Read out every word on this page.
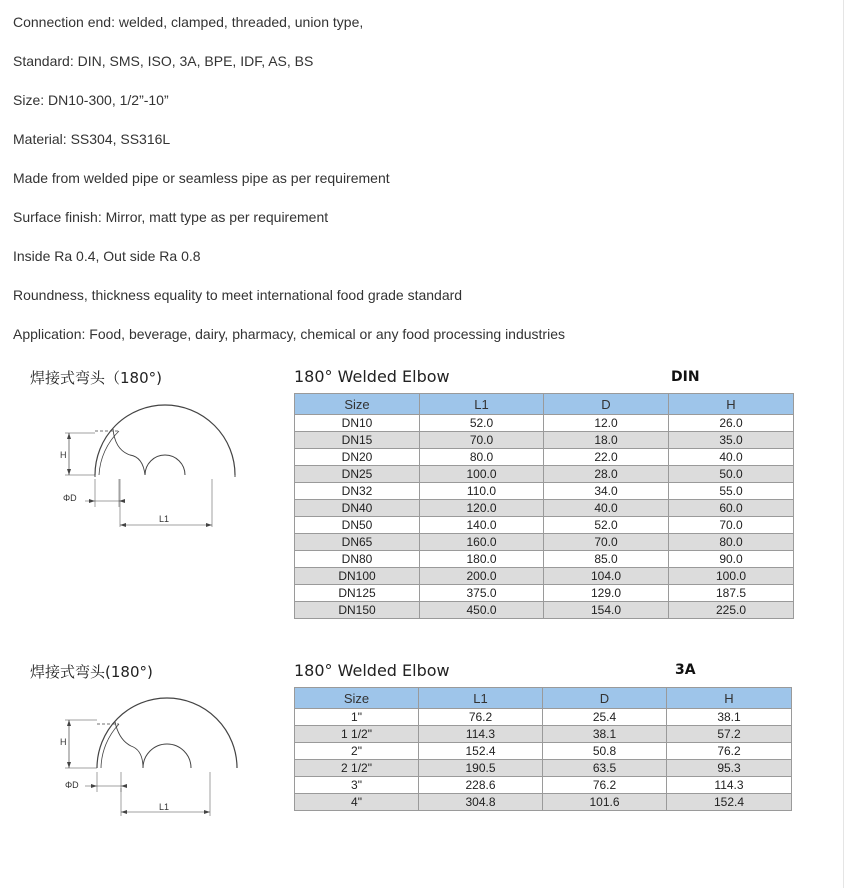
Connection end: welded, clamped, threaded, union type,
Standard: DIN, SMS, ISO, 3A, BPE, IDF, AS, BS
Size: DN10-300, 1/2”-10”
Material: SS304, SS316L
Made from welded pipe or seamless pipe as per requirement
Surface finish: Mirror, matt type as per requirement
Inside Ra 0.4, Out side Ra 0.8
Roundness, thickness equality to meet international food grade standard
Application: Food, beverage, dairy, pharmacy, chemical or any food processing industries
焊接式弯头（180°)
H
ΦD
L1
180° Welded Elbow	DIN
Size	L1	D	H
DN10	52.0	12.0	26.0
DN15	70.0	18.0	35.0
DN20	80.0	22.0	40.0
DN25	100.0	28.0	50.0
DN32	110.0	34.0	55.0
DN40	120.0	40.0	60.0
DN50	140.0	52.0	70.0
DN65	160.0	70.0	80.0
DN80	180.0	85.0	90.0
DN100	200.0	104.0	100.0
DN125	375.0	129.0	187.5
DN150	450.0	154.0	225.0
焊接式弯头(180°)
H
ΦD
L1
180° Welded Elbow	3A
Size	L1	D	H
1"	76.2	25.4	38.1
1 1/2"	114.3	38.1	57.2
2"	152.4	50.8	76.2
2 1/2"	190.5	63.5	95.3
3"	228.6	76.2	114.3
4"	304.8	101.6	152.4
